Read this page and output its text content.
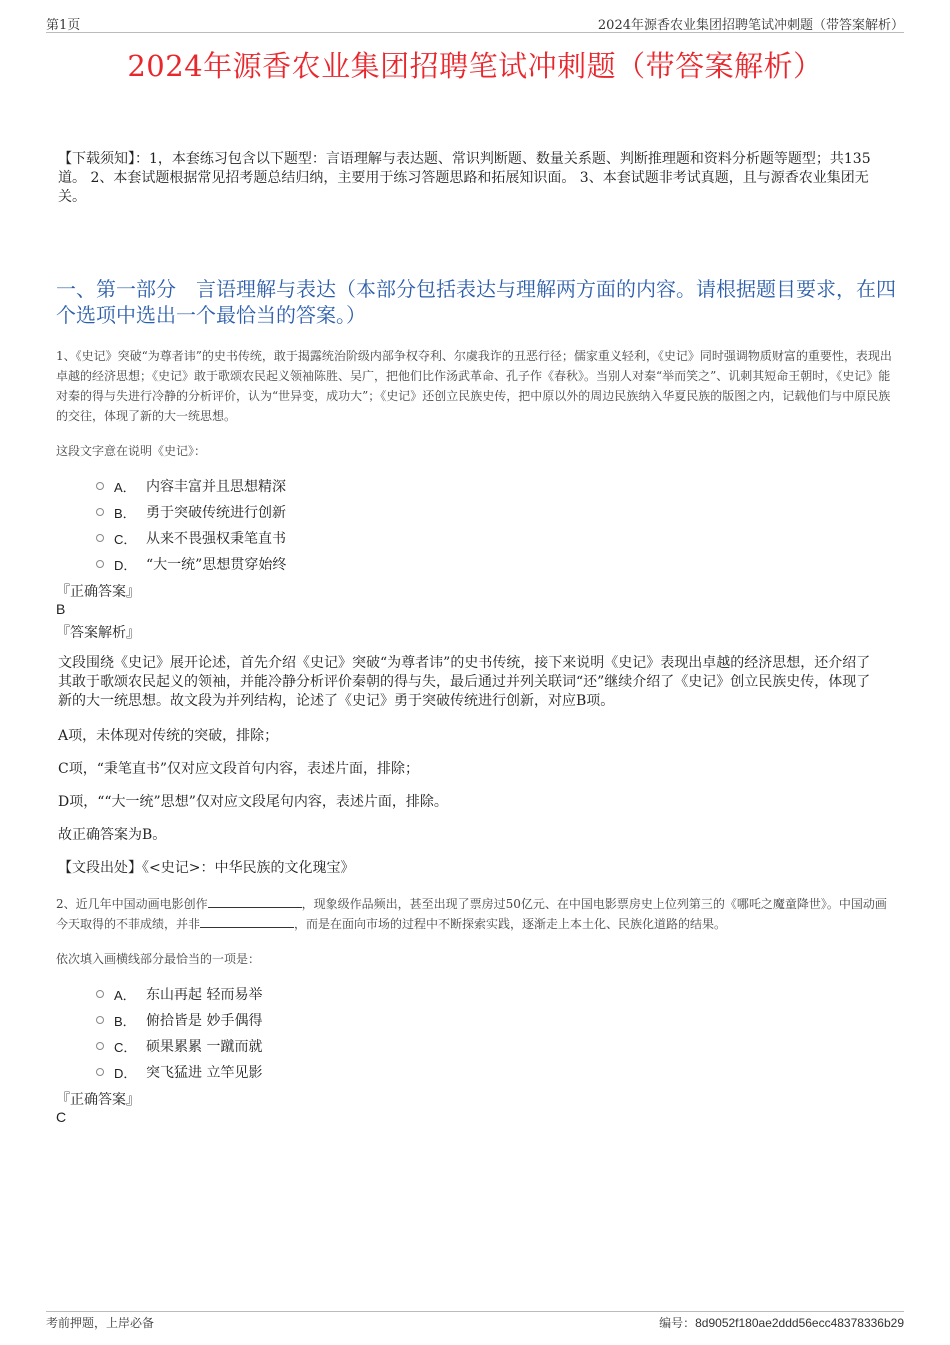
第1页	2024年源香农业集团招聘笔试冲刺题（带答案解析）
2024年源香农业集团招聘笔试冲刺题（带答案解析）
【下载须知】：1，本套练习包含以下题型：言语理解与表达题、常识判断题、数量关系题、判断推理题和资料分析题等题型；共135道。 2、本套试题根据常见招考题总结归纳，主要用于练习答题思路和拓展知识面。 3、本套试题非考试真题，且与源香农业集团无关。
一、第一部分　言语理解与表达（本部分包括表达与理解两方面的内容。请根据题目要求，在四个选项中选出一个最恰当的答案。）
1、《史记》突破“为尊者讳”的史书传统，敢于揭露统治阶级内部争权夺利、尔虞我诈的丑恶行径；儒家重义轻利，《史记》同时强调物质财富的重要性，表现出卓越的经济思想；《史记》敢于歌颂农民起义领袖陈胜、吴广，把他们比作汤武革命、孔子作《春秋》。当别人对秦“举而笑之”、讥刺其短命王朝时，《史记》能对秦的得与失进行冷静的分析评价，认为“世异变，成功大”；《史记》还创立民族史传，把中原以外的周边民族纳入华夏民族的版图之内，记载他们与中原民族的交往，体现了新的大一统思想。
这段文字意在说明《史记》：
A． 内容丰富并且思想精深
B． 勇于突破传统进行创新
C． 从来不畏强权秉笔直书
D． “大一统”思想贯穿始终
『正确答案』
B
『答案解析』
文段围绕《史记》展开论述，首先介绍《史记》突破“为尊者讳”的史书传统，接下来说明《史记》表现出卓越的经济思想，还介绍了其敢于歌颂农民起义的领袖，并能冷静分析评价秦朝的得与失，最后通过并列关联词“还”继续介绍了《史记》创立民族史传，体现了新的大一统思想。故文段为并列结构，论述了《史记》勇于突破传统进行创新，对应B项。
A项，未体现对传统的突破，排除；
C项，“秉笔直书”仅对应文段首句内容，表述片面，排除；
D项，““大一统”思想”仅对应文段尾句内容，表述片面，排除。
故正确答案为B。
【文段出处】《<史记>：中华民族的文化瑰宝》
2、近几年中国动画电影创作	，现象级作品频出，甚至出现了票房过50亿元、在中国电影票房史上位列第三的《哪吒之魔童降世》。中国动画今天取得的不菲成绩，并非	，而是在面向市场的过程中不断探索实践，逐渐走上本土化、民族化道路的结果。
依次填入画横线部分最恰当的一项是：
A． 东山再起 轻而易举
B． 俯拾皆是 妙手偶得
C． 硕果累累 一蹴而就
D． 突飞猛进 立竿见影
『正确答案』
C
考前押题，上岸必备	编号：8d9052f180ae2ddd56ecc48378336b29
